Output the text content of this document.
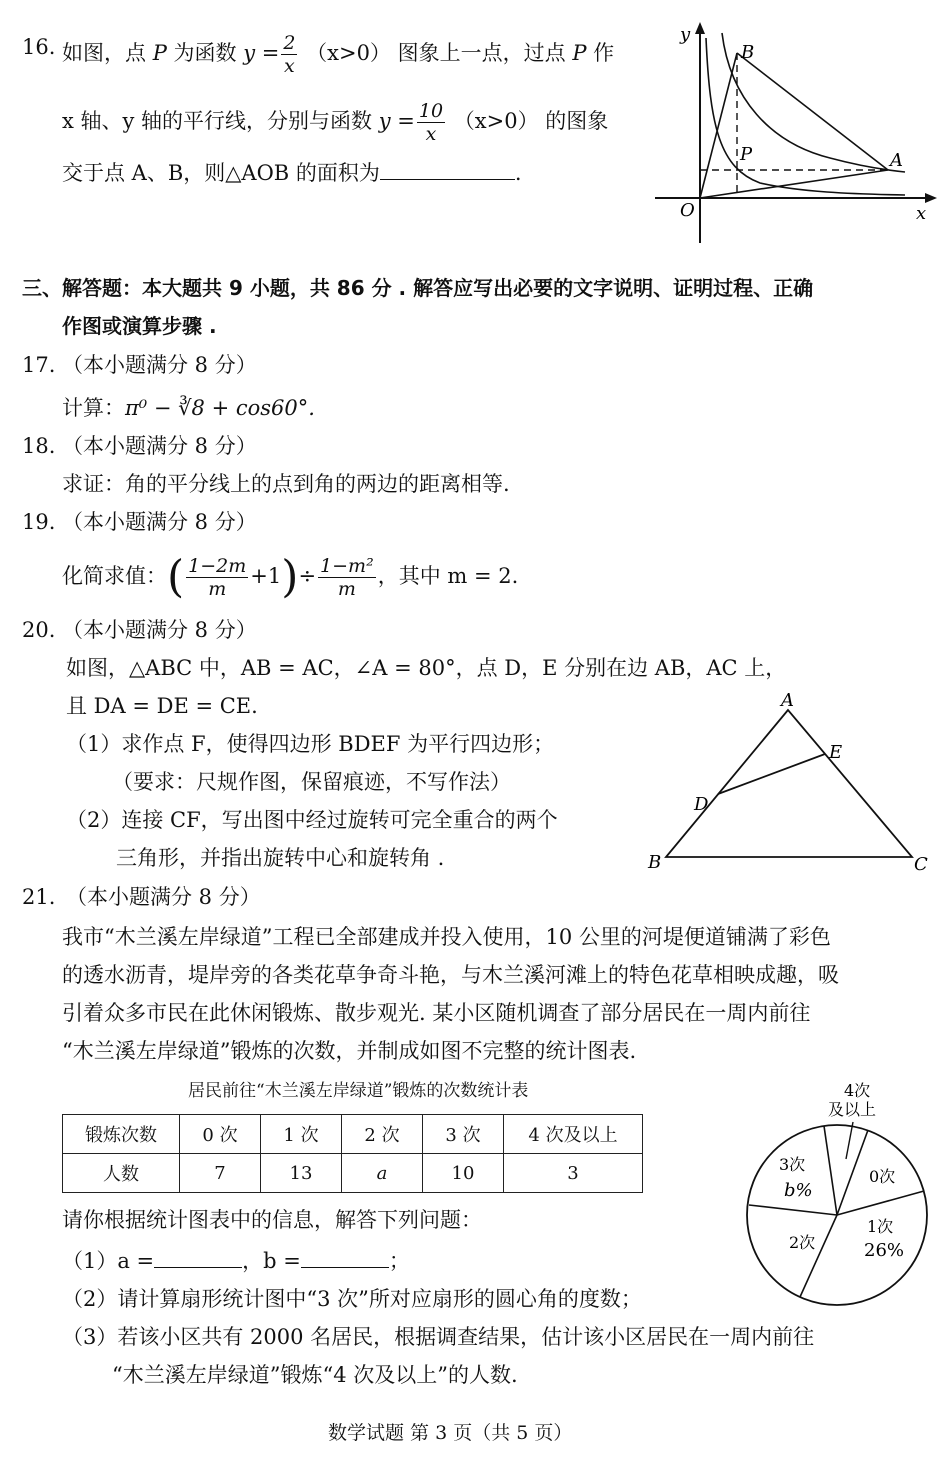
16. 如图，点 P 为函数 $y = \frac{2}{x} (x>0)$ 图象上一点，过点 P 作
x 轴、y 轴的平行线，分别与函数 $y = \frac{10}{x} (x>0)$ 的图象
交于点 A、B，则△AOB 的面积为	.
y
x
O
A
B
P
三、解答题：本大题共 9 小题，共 86 分 . 解答应写出必要的文字说明、证明过程、正确
作图或演算步骤 .
17. （本小题满分 8 分）
计算：π⁰ − ∛8 + cos60°.
18. （本小题满分 8 分）
求证：角的平分线上的点到角的两边的距离相等.
19. （本小题满分 8 分）
化简求值：( $\frac{1-2m}{m} +1)\div \frac{\text{1−m²}}{m}$ ，其中 m = 2.
20. （本小题满分 8 分）
如图，△ABC 中，AB = AC，∠A = 80°，点 D，E 分别在边 AB，AC 上，
且 DA = DE = CE.
（1）求作点 F，使得四边形 BDEF 为平行四边形；
（要求：尺规作图，保留痕迹，不写作法）
（2）连接 CF，写出图中经过旋转可完全重合的两个
三角形，并指出旋转中心和旋转角 .
A
B	C
D
E
21. （本小题满分 8 分）
我市“木兰溪左岸绿道”工程已全部建成并投入使用，10 公里的河堤便道铺满了彩色
的透水沥青，堤岸旁的各类花草争奇斗艳，与木兰溪河滩上的特色花草相映成趣，吸
引着众多市民在此休闲锻炼、散步观光. 某小区随机调查了部分居民在一周内前往
“木兰溪左岸绿道”锻炼的次数，并制成如图不完整的统计图表.
居民前往“木兰溪左岸绿道”锻炼的次数统计表
锻炼次数	0 次	1 次	2 次	3 次	4 次及以上
人数	7	13	a	10	3
4次
及以上
0次
1次
26%
2次
3次
b%
请你根据统计图表中的信息，解答下列问题：
（1）a =	，b =	；
（2）请计算扇形统计图中“3 次”所对应扇形的圆心角的度数；
（3）若该小区共有 2000 名居民，根据调查结果，估计该小区居民在一周内前往
“木兰溪左岸绿道”锻炼“4 次及以上”的人数.
数学试题 第 3 页（共 5 页）
